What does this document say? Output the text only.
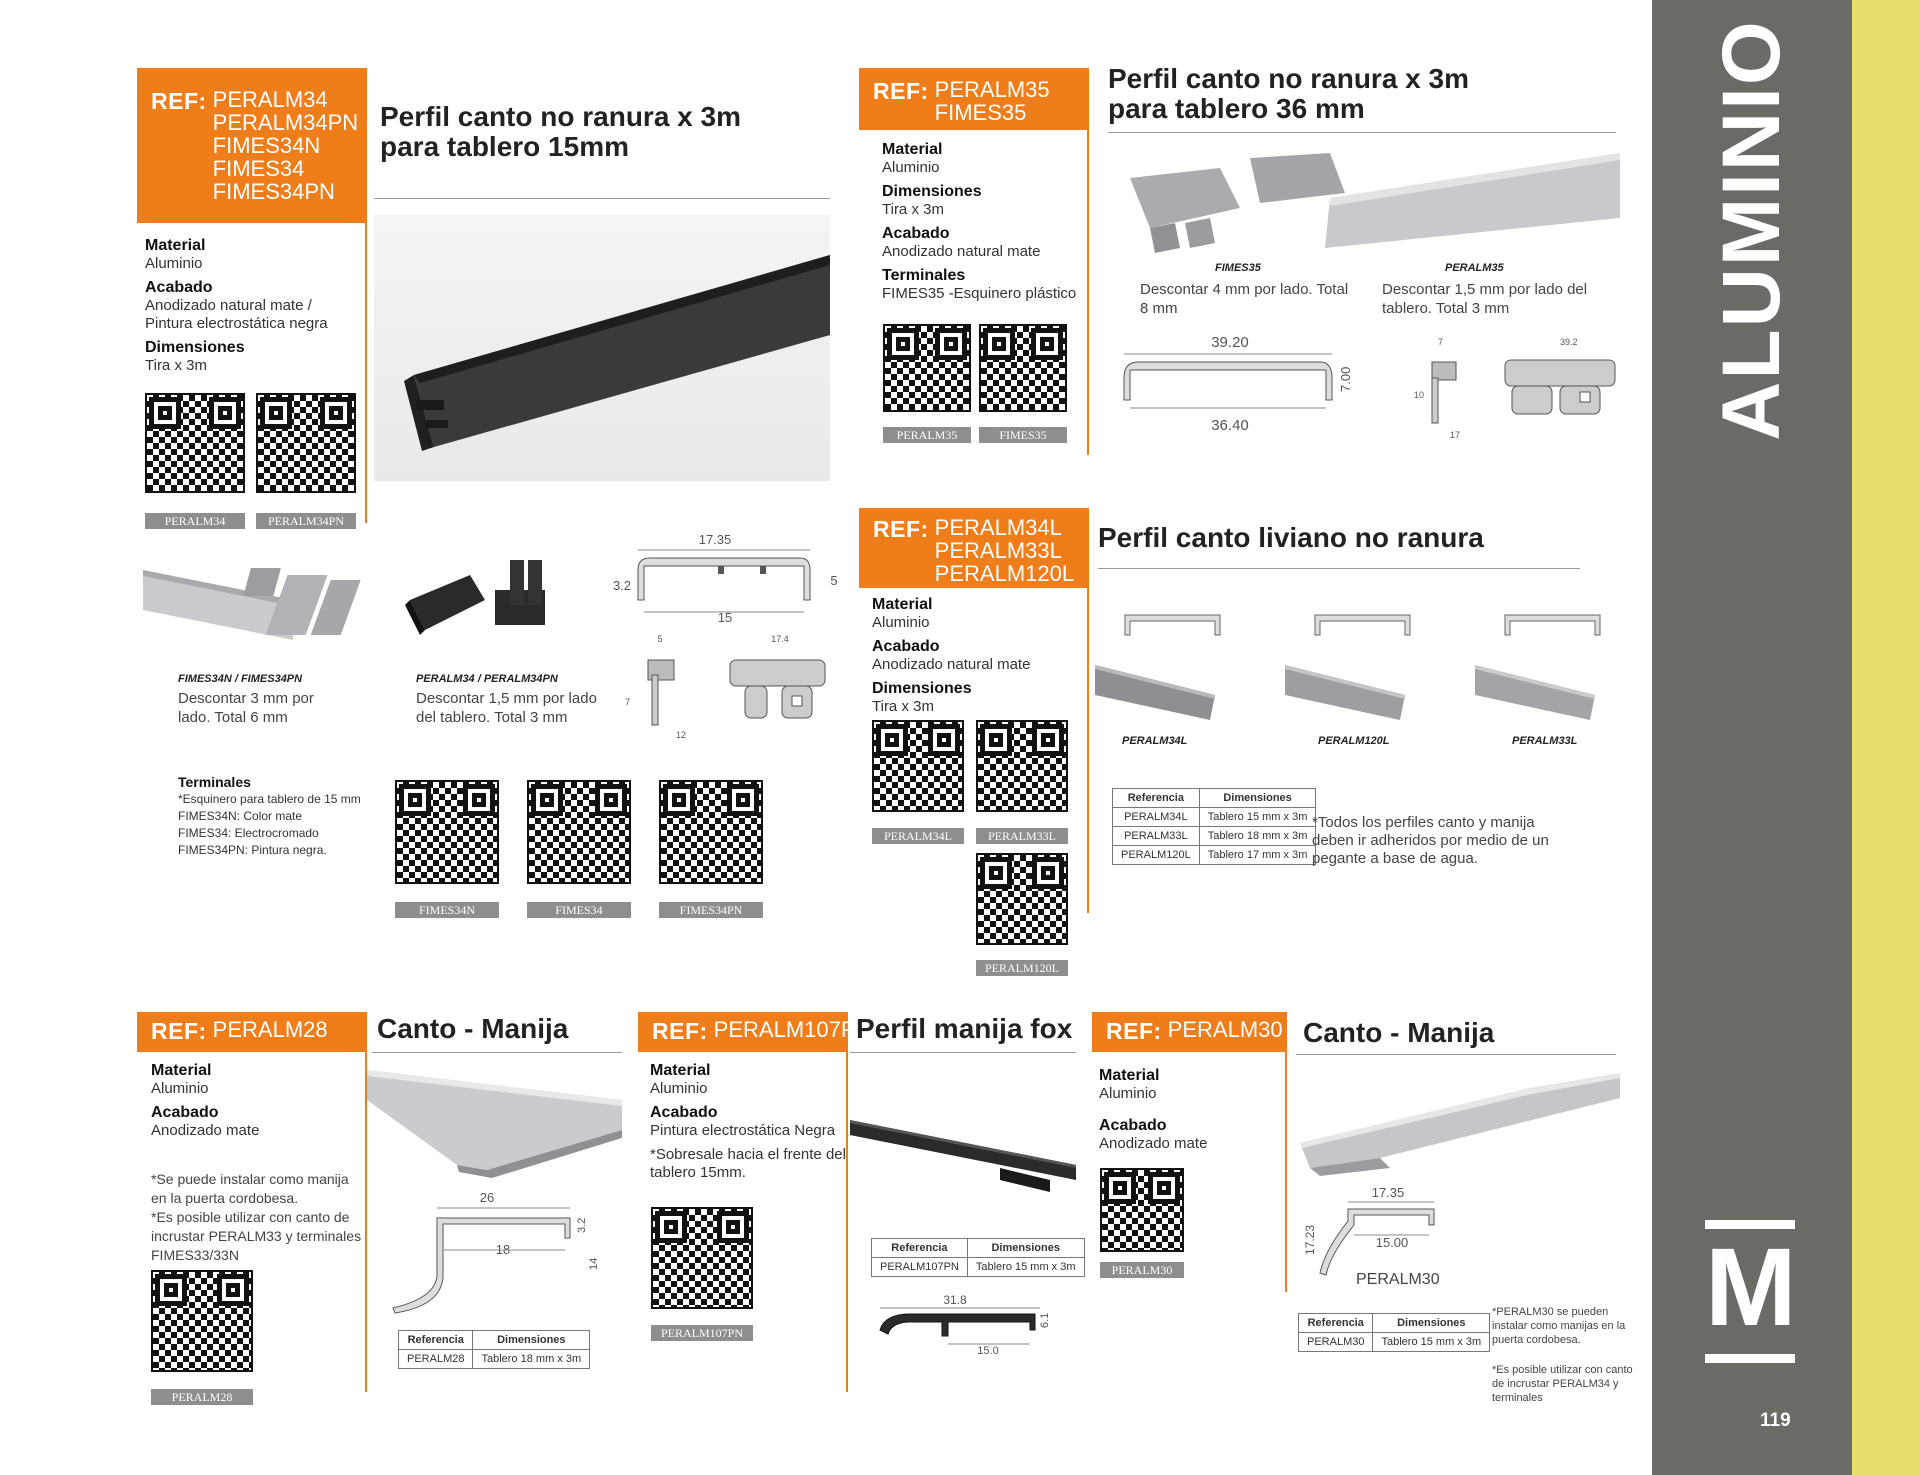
ALUMINIO
M
119
REF: PERALM34
PERALM34PN
FIMES34N
FIMES34
FIMES34PN
Perfil canto no ranura x 3m
para tablero 15mm
Material
Aluminio
Acabado
Anodizado natural mate /
Pintura electrostática negra
Dimensiones
Tira x 3m
PERALM34	PERALM34PN
FIMES34N / FIMES34PN
Descontar 3 mm por
lado. Total 6 mm
PERALM34 / PERALM34PN
Descontar 1,5 mm por lado
del tablero. Total 3 mm
17.35
3.2	5
15
5
7
12
17.4
Terminales
*Esquinero para tablero de 15 mm
FIMES34N: Color mate
FIMES34: Electrocromado
FIMES34PN: Pintura negra.
FIMES34N	FIMES34	FIMES34PN
REF: PERALM35
FIMES35
Perfil canto no ranura x 3m
para tablero 36 mm
Material
Aluminio
Dimensiones
Tira x 3m
Acabado
Anodizado natural mate
Terminales
FIMES35 -Esquinero plástico
PERALM35	FIMES35
FIMES35
Descontar 4 mm por lado. Total
8 mm
PERALM35
Descontar 1,5 mm por lado del
tablero. Total 3 mm
39.20
36.40
7.00
7
10
17
39.2
REF: PERALM34L
PERALM33L
PERALM120L
Perfil canto liviano no ranura
Material
Aluminio
Acabado
Anodizado natural mate
Dimensiones
Tira x 3m
PERALM34L	PERALM33L
PERALM120L
PERALM34L	PERALM120L	PERALM33L
Referencia	Dimensiones
PERALM34L	Tablero 15 mm x 3m
PERALM33L	Tablero 18 mm x 3m
PERALM120L	Tablero 17 mm x 3m
*Todos los perfiles canto y manija
deben ir adheridos por medio de un
pegante a base de agua.
REF: PERALM28 Canto - Manija
Material
Aluminio
Acabado
Anodizado mate
*Se puede instalar como manija
en la puerta cordobesa.
*Es posible utilizar con canto de
incrustar PERALM33 y terminales
FIMES33/33N
PERALM28
26
18
3.2
14
Referencia	Dimensiones
PERALM28	Tablero 18 mm x 3m
REF: PERALM107PN
Perfil manija fox
Material
Aluminio
Acabado
Pintura electrostática Negra
*Sobresale hacia el frente del
tablero 15mm.
PERALM107PN
Referencia	Dimensiones
PERALM107PN	Tablero 15 mm x 3m
31.8
6.1
15.0
REF: PERALM30 Canto - Manija
Material
Aluminio
Acabado
Anodizado mate
PERALM30
17.35
15.00
17.23
PERALM30
Referencia	Dimensiones
PERALM30	Tablero 15 mm x 3m
*PERALM30 se pueden
instalar como manijas en la
puerta cordobesa.
*Es posible utilizar con canto
de incrustar PERALM34 y
terminales
